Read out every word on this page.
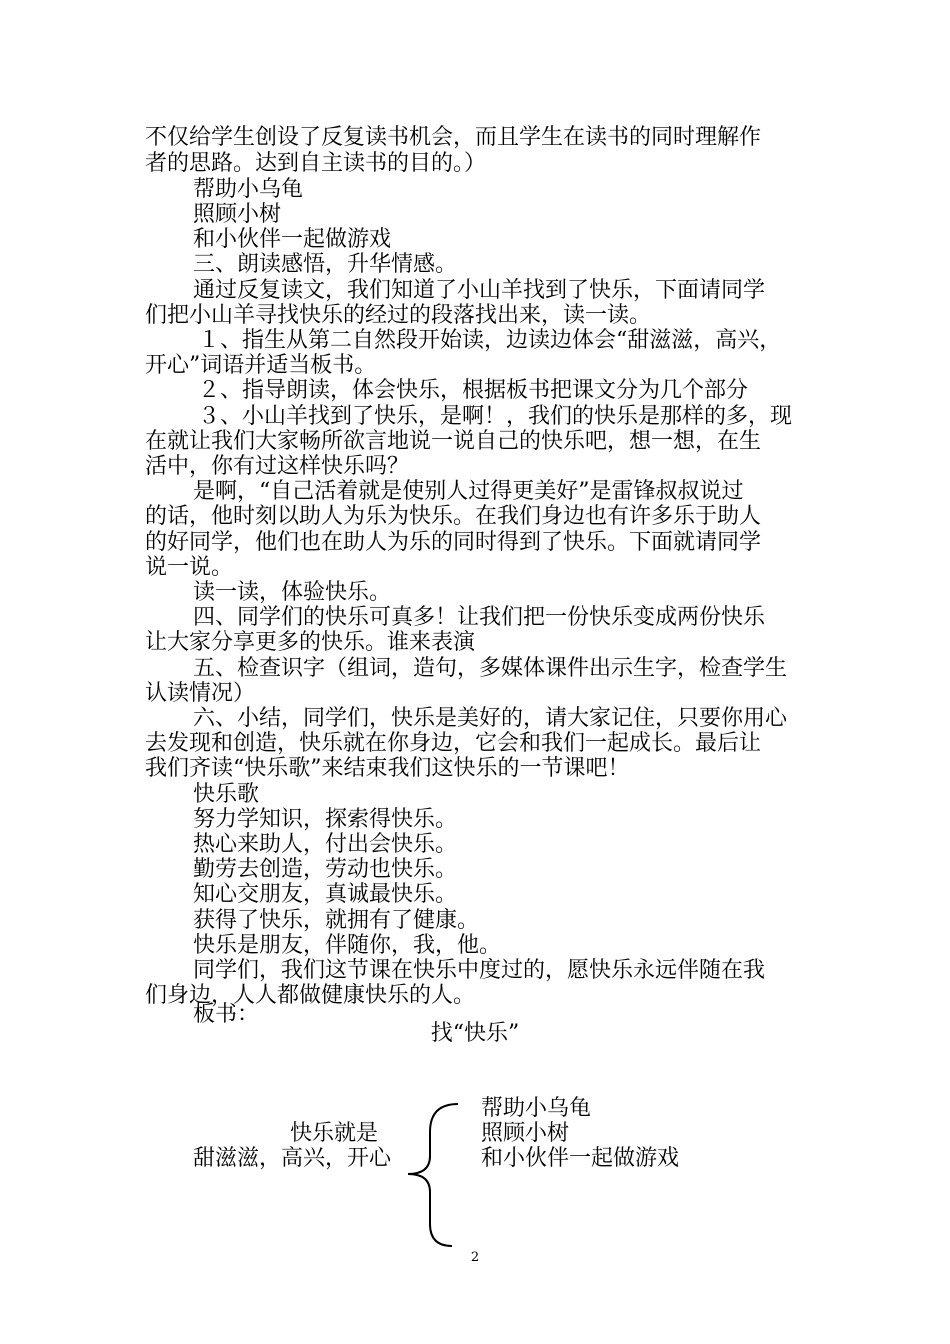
不仅给学生创设了反复读书机会，而且学生在读书的同时理解作
者的思路。达到自主读书的目的。）
帮助小乌龟
照顾小树
和小伙伴一起做游戏
三、朗读感悟，升华情感。
通过反复读文，我们知道了小山羊找到了快乐，下面请同学
们把小山羊寻找快乐的经过的段落找出来，读一读。
１、指生从第二自然段开始读，边读边体会“甜滋滋，高兴，
开心”词语并适当板书。
２、指导朗读，体会快乐，根据板书把课文分为几个部分
３、小山羊找到了快乐，是啊！，我们的快乐是那样的多，现
在就让我们大家畅所欲言地说一说自己的快乐吧，想一想，在生
活中，你有过这样快乐吗？
是啊，“自己活着就是使别人过得更美好”是雷锋叔叔说过
的话，他时刻以助人为乐为快乐。在我们身边也有许多乐于助人
的好同学，他们也在助人为乐的同时得到了快乐。下面就请同学
说一说。
读一读，体验快乐。
四、同学们的快乐可真多！让我们把一份快乐变成两份快乐
让大家分享更多的快乐。谁来表演
五、检查识字（组词，造句，多媒体课件出示生字，检查学生
认读情况）
六、小结，同学们，快乐是美好的，请大家记住，只要你用心
去发现和创造，快乐就在你身边，它会和我们一起成长。最后让
我们齐读“快乐歌”来结束我们这快乐的一节课吧！
快乐歌
努力学知识，探索得快乐。
热心来助人，付出会快乐。
勤劳去创造，劳动也快乐。
知心交朋友，真诚最快乐。
获得了快乐，就拥有了健康。
快乐是朋友，伴随你，我，他。
同学们，我们这节课在快乐中度过的，愿快乐永远伴随在我
们身边，人人都做健康快乐的人。
板书：
找“快乐”
快乐就是
甜滋滋，高兴，开心
帮助小乌龟
照顾小树
和小伙伴一起做游戏
2
